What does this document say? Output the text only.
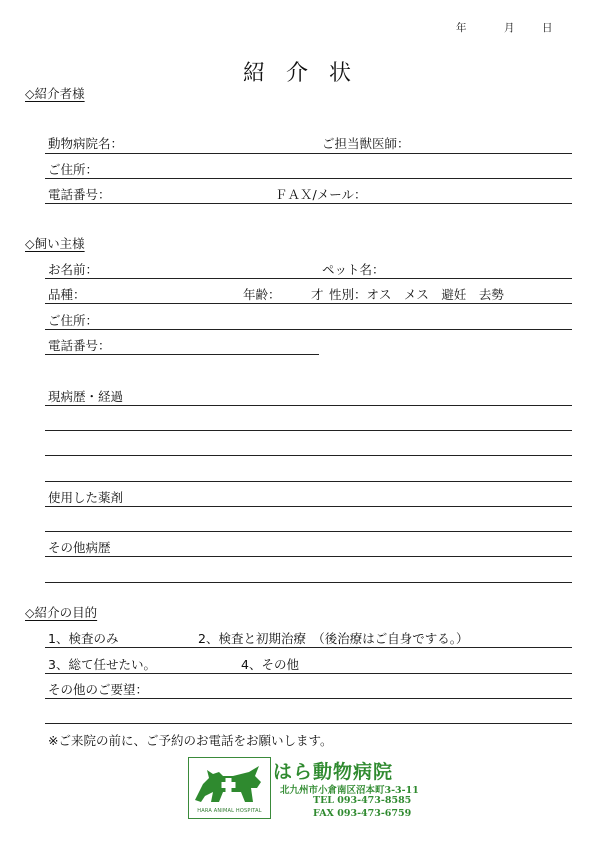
年	月	日
紹 介 状
◇紹介者様
動物病院名：	ご担当獣医師：
ご住所：
電話番号：	ＦＡＸ/メール：
◇飼い主様
お名前：	ペット名：
品種：	年齢： 才 性別：オス　メス　避妊　去勢
ご住所：
電話番号：
現病歴・経過
使用した薬剤
その他病歴
◇紹介の目的
1、検査のみ	2、検査と初期治療　（後治療はご自身でする。）
3、総て任せたい。	4、その他
その他のご要望：
※ご来院の前に、ご予約のお電話をお願いします。
HARA ANIMAL HOSPITAL
はら動物病院
北九州市小倉南区沼本町3-3-11
TEL 093-473-8585
FAX 093-473-6759
